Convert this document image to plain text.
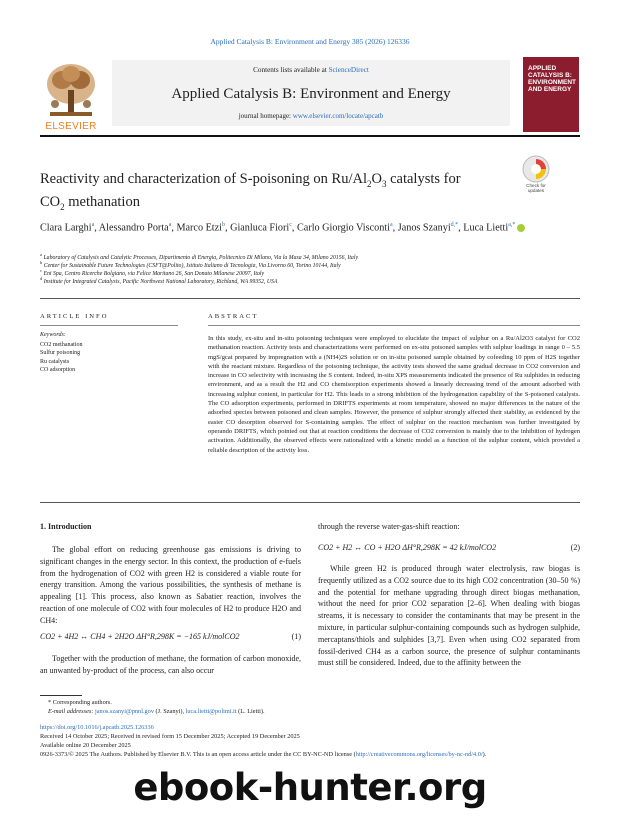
Applied Catalysis B: Environment and Energy 385 (2026) 126336
ELSEVIER
Contents lists available at ScienceDirect
Applied Catalysis B: Environment and Energy
journal homepage: www.elsevier.com/locate/apcatb
APPLIED
CATALYSIS B:
ENVIRONMENT
AND ENERGY
Reactivity and characterization of S-poisoning on $Ru/Al_2O_3$ catalysts for
$CO_2$ methanation
Check for
updates
Clara Larghi$^a$, Alessandro Porta$^a$, Marco Etzi$^b$, Gianluca Fiori$^c$, Carlo Giorgio Visconti$^a$, Janos Szanyi$^{d,*}$, Luca Lietti$^{a,*}$
$^a$ Laboratory of Catalysis and Catalytic Processes, Dipartimento di Energia, Politecnico Di Milano, Via la Masa 34, Milano 20156, Italy
$^b$ Center for Sustainable Future Technologies (CSFT@Polito), Istituto Italiano di Tecnologia, Via Livorno 60, Torino 10144, Italy
$^c$ Eni Spa, Centro Ricerche Bolgiano, via Felice Maritano 26, San Donato Milanese 20097, Italy
$^d$ Institute for Integrated Catalysis, Pacific Northwest National Laboratory, Richland, WA 99352, USA
ARTICLE INFO	ABSTRACT
Keywords:
CO2 methanation
Sulfur poisoning
Ru catalysts
CO adsorption
In this study, ex-situ and in-situ poisoning techniques were employed to elucidate the impact of sulphur on a Ru/Al2O3 catalyst for CO2 methanation reaction. Activity tests and characterizations were performed on ex-situ poisoned samples with sulphur loadings in range 0 – 5.5 mgS/gcat prepared by impregnation with a (NH4)2S solution or on in-situ poisoned sample obtained by cofeeding 10 ppm of H2S together with the reactant mixture. Regardless of the poisoning technique, the activity tests showed the same gradual decrease in CO2 conversion and increase in CO selectivity with increasing the S content. Indeed, in-situ XPS measurements indicated the presence of Ru sulphides in reducing environment, and as a result the H2 and CO chemisorption experiments showed a linearly decreasing trend of the amount adsorbed with increasing sulphur content, in particular for H2. This leads to a strong inhibition of the hydrogenation capability of the S-poisoned catalysts. The CO adsorption experiments, performed in DRIFTS experiments at room temperature, showed no major differences in the nature of the adsorbed species between poisoned and clean samples. However, the presence of sulphur strongly affected their stability, as evidenced by the easier CO desorption observed for S-containing samples. The effect of sulphur on the reaction mechanism was further investigated by operando DRIFTS, which pointed out that at reaction conditions the decrease of CO2 conversion is mainly due to the inhibition of hydrogen activation. Additionally, the observed effects were rationalized with a kinetic model as a function of the sulphur content, which provided a reliable description of the activity loss.
1. Introduction
The global effort on reducing greenhouse gas emissions is driving to significant changes in the energy sector. In this context, the production of e-fuels from the hydrogenation of CO2 with green H2 is considered a viable route for energy transition. Among the various possibilities, the synthesis of methane is appealing [1]. This process, also known as Sabatier reaction, involves the reaction of one molecule of CO2 with four molecules of H2 to produce H2O and CH4:
CO2 + 4H2 ↔ CH4 + 2H2O ΔH°R,298K = −165 kJ/molCO2	(1)
Together with the production of methane, the formation of carbon monoxide, an unwanted by-product of the process, can also occur
through the reverse water-gas-shift reaction:
CO2 + H2 ↔ CO + H2O ΔH°R,298K = 42 kJ/molCO2	(2)
While green H2 is produced through water electrolysis, raw biogas is frequently utilized as a CO2 source due to its high CO2 concentration (30–50 %) and the potential for methane upgrading through direct biogas methanation, without the need for prior CO2 separation [2–6]. When dealing with biogas streams, it is necessary to consider the contaminants that may be present in the mixture, in particular sulphur-containing compounds such as hydrogen sulphide, mercaptans/thiols and sulphides [3,7]. Even when using CO2 separated from fossil-derived CH4 as a carbon source, the presence of sulphur contaminants must still be considered. Indeed, due to the affinity between the
* Corresponding authors.
E-mail addresses: janos.szanyi@pnnl.gov (J. Szanyi), luca.lietti@polimi.it (L. Lietti).
https://doi.org/10.1016/j.apcatb.2025.126336
Received 14 October 2025; Received in revised form 15 December 2025; Accepted 19 December 2025
Available online 20 December 2025
0926-3373/© 2025 The Authors. Published by Elsevier B.V. This is an open access article under the CC BY-NC-ND license (http://creativecommons.org/licenses/by-nc-nd/4.0/).
ebook-hunter.org
